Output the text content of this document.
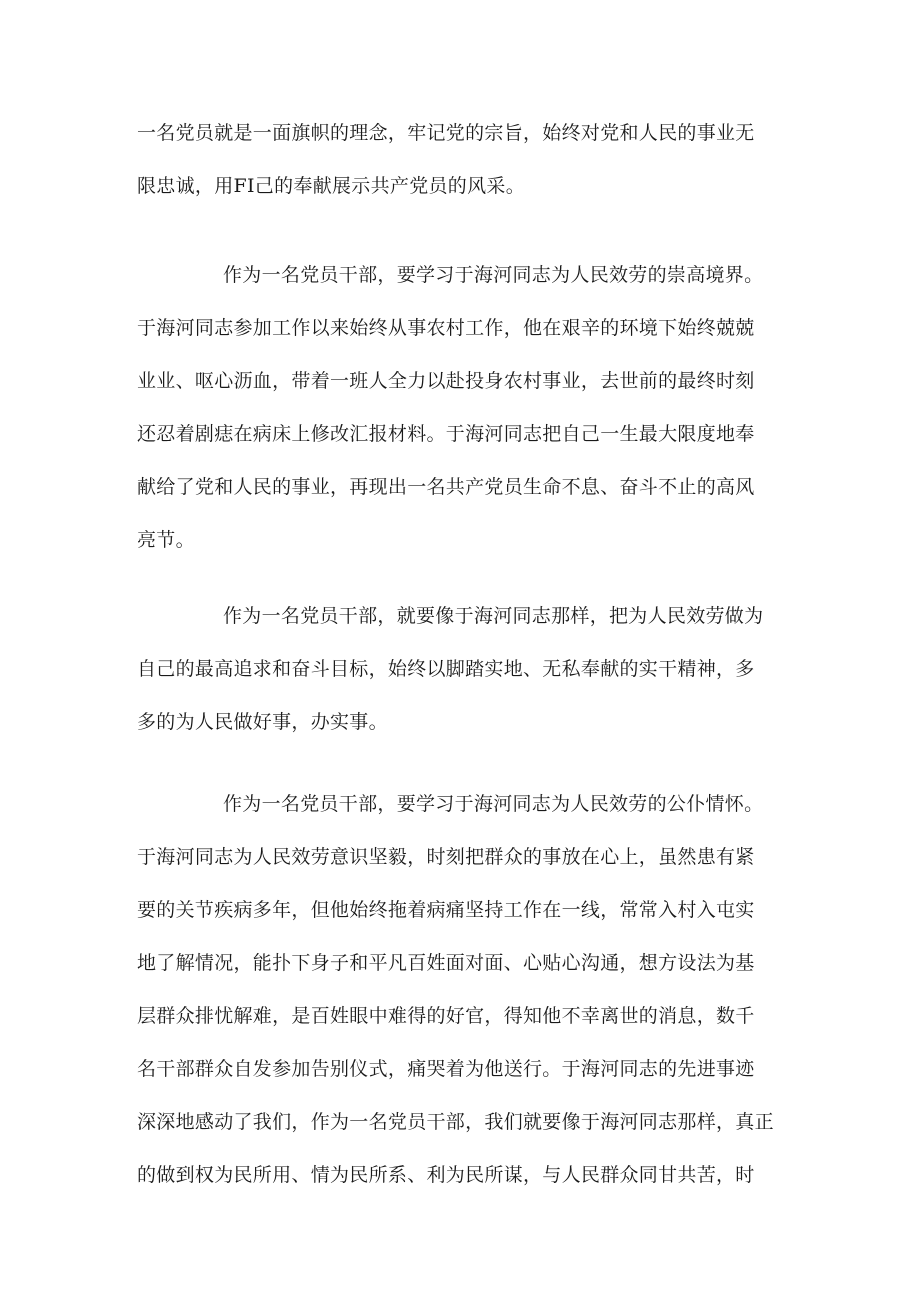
一名党员就是一面旗帜的理念，牢记党的宗旨，始终对党和人民的事业无
限忠诚，用FI己的奉献展示共产党员的风采。
作为一名党员干部，要学习于海河同志为人民效劳的崇高境界。
于海河同志参加工作以来始终从事农村工作，他在艰辛的环境下始终兢兢
业业、呕心沥血，带着一班人全力以赴投身农村事业，去世前的最终时刻
还忍着剧痣在病床上修改汇报材料。于海河同志把自己一生最大限度地奉
献给了党和人民的事业，再现出一名共产党员生命不息、奋斗不止的高风
亮节。
作为一名党员干部，就要像于海河同志那样，把为人民效劳做为
自己的最高追求和奋斗目标，始终以脚踏实地、无私奉献的实干精神，多
多的为人民做好事，办实事。
作为一名党员干部，要学习于海河同志为人民效劳的公仆情怀。
于海河同志为人民效劳意识坚毅，时刻把群众的事放在心上，虽然患有紧
要的关节疾病多年，但他始终拖着病痛坚持工作在一线，常常入村入屯实
地了解情况，能扑下身子和平凡百姓面对面、心贴心沟通，想方设法为基
层群众排忧解难，是百姓眼中难得的好官，得知他不幸离世的消息，数千
名干部群众自发参加告别仪式，痛哭着为他送行。于海河同志的先进事迹
深深地感动了我们，作为一名党员干部，我们就要像于海河同志那样，真正
的做到权为民所用、情为民所系、利为民所谋，与人民群众同甘共苦，时
